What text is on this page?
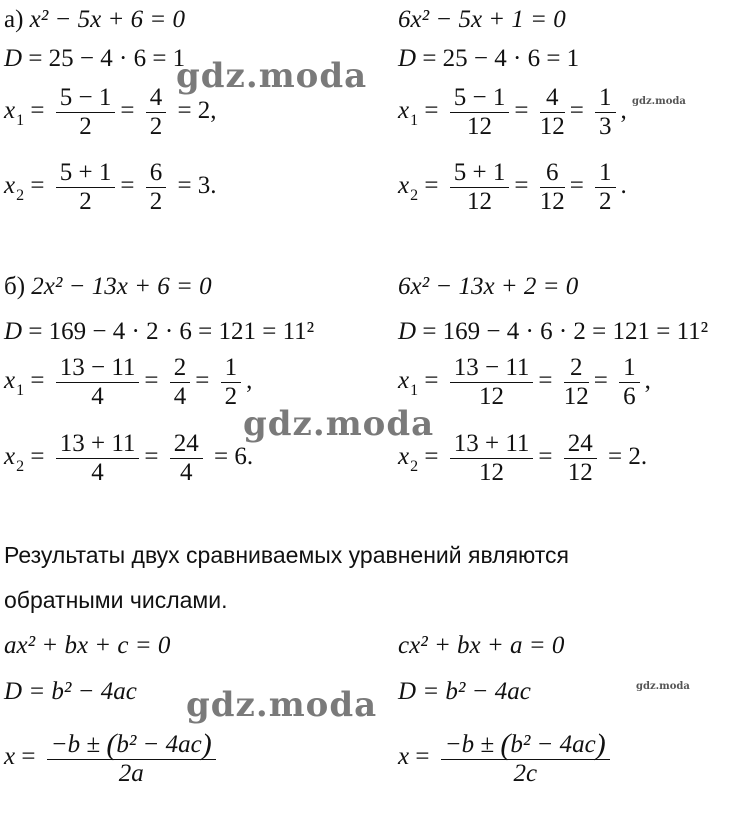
а) x² − 5x + 6 = 0	6x² − 5x + 1 = 0
D = 25 − 4 · 6 = 1	D = 25 − 4 · 6 = 1
$x_1 = \frac{5 - 1}{2} = \frac{4}{2} = 2$,	$x_1 = \frac{5 - 1}{12} = \frac{4}{12} = \frac{1}{3}$ ,
$x_2 = \frac{5 + 1}{2} = \frac{6}{2} = 3$.	$x_2 = \frac{5 + 1}{12} = \frac{6}{12} = \frac{1}{2}$ .
б) 2x² − 13x + 6 = 0	6x² − 13x + 2 = 0
D = 169 − 4 · 2 · 6 = 121 = 11²	D = 169 − 4 · 6 · 2 = 121 = 11²
$x_1 = \frac{13 - 11}{4} = \frac{2}{4} = \frac{1}{2}$ ,	$x_1 = \frac{13 - 11}{12} = \frac{2}{12} = \frac{1}{6}$ ,
$x_2 = \frac{13 + 11}{4} = \frac{24}{4} = 6$.	$x_2 = \frac{13 + 11}{12} = \frac{24}{12} = 2$.
Результаты двух сравниваемых уравнений являются
обратными числами.
ax² + bx + c = 0	cx² + bx + a = 0
D = b² − 4ac	D = b² − 4ac
$x = \frac{\text{−b ± (b² − 4ac)}}{2a}$	$x = \frac{\text{−b ± (b² − 4ac)}}{2c}$
gdz.moda
gdz.moda
gdz.moda
gdz.moda
gdz.moda
